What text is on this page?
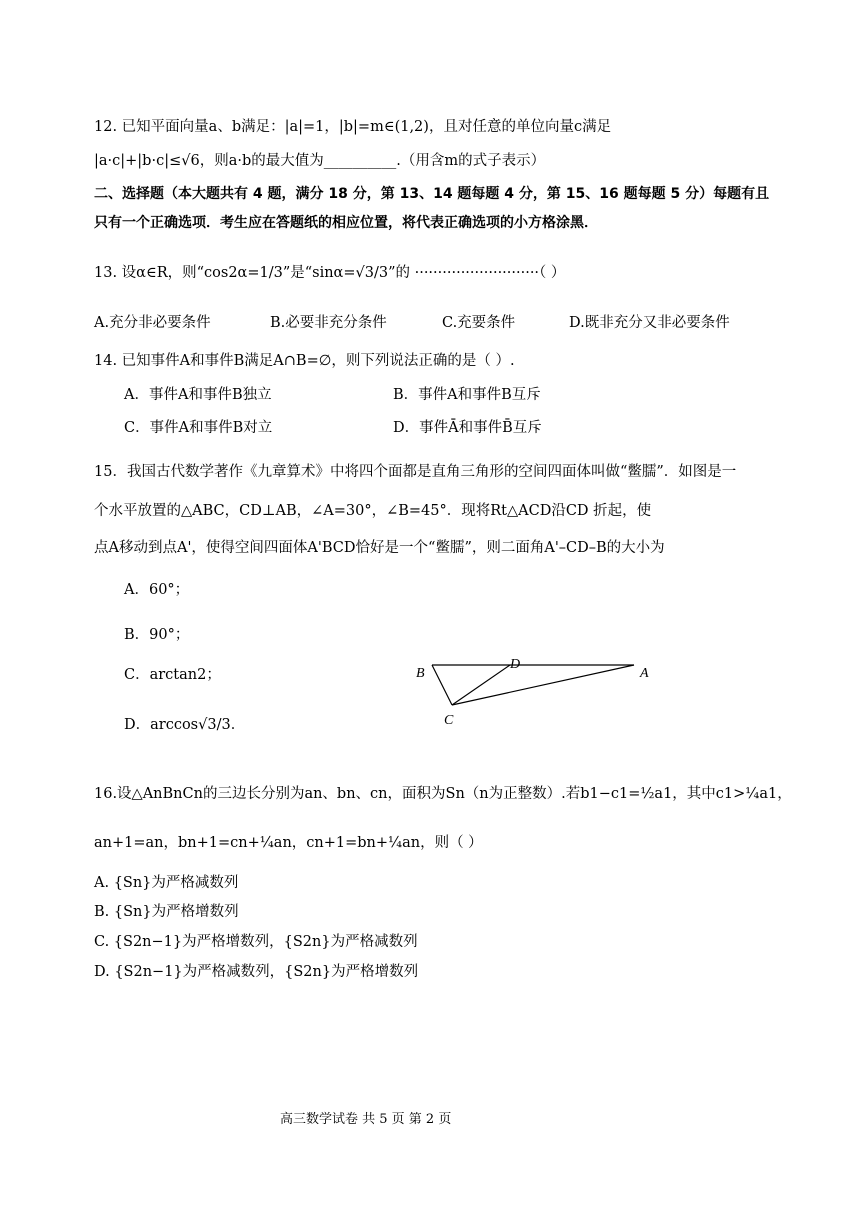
12. 已知平面向量a、b满足：|a|=1，|b|=m∈(1,2)，且对任意的单位向量c满足
|a·c|+|b·c|≤√6，则a·b的最大值为__________.（用含m的式子表示）
二、选择题（本大题共有 4 题，满分 18 分，第 13、14 题每题 4 分，第 15、16 题每题 5 分）每题有且
只有一个正确选项．考生应在答题纸的相应位置，将代表正确选项的小方格涂黑．
13. 设α∈R，则“cos2α=1/3”是“sinα=√3/3”的 ···························（ ）
A.充分非必要条件	B.必要非充分条件	C.充要条件	D.既非充分又非必要条件
14. 已知事件A和事件B满足A∩B=∅，则下列说法正确的是（ ）.
A．事件A和事件B独立	B．事件A和事件B互斥
C．事件A和事件B对立	D．事件Ā和事件B̄互斥
15．我国古代数学著作《九章算术》中将四个面都是直角三角形的空间四面体叫做“鳖臑”．如图是一
个水平放置的△ABC，CD⊥AB，∠A=30°，∠B=45°．现将Rt△ACD沿CD 折起，使
点A移动到点A'，使得空间四面体A'BCD恰好是一个“鳖臑”，则二面角A'–CD–B的大小为
A．60°；
B．90°；
C．arctan2；
D．arccos√3/3．
B
D
A
C
16.设△AnBnCn的三边长分别为an、bn、cn，面积为Sn（n为正整数）.若b1−c1=½a1，其中c1>¼a1，
an+1=an，bn+1=cn+¼an，cn+1=bn+¼an，则（ ）
A. {Sn}为严格减数列
B. {Sn}为严格增数列
C. {S2n−1}为严格增数列，{S2n}为严格减数列
D. {S2n−1}为严格减数列，{S2n}为严格增数列
高三数学试卷 共 5 页 第 2 页
